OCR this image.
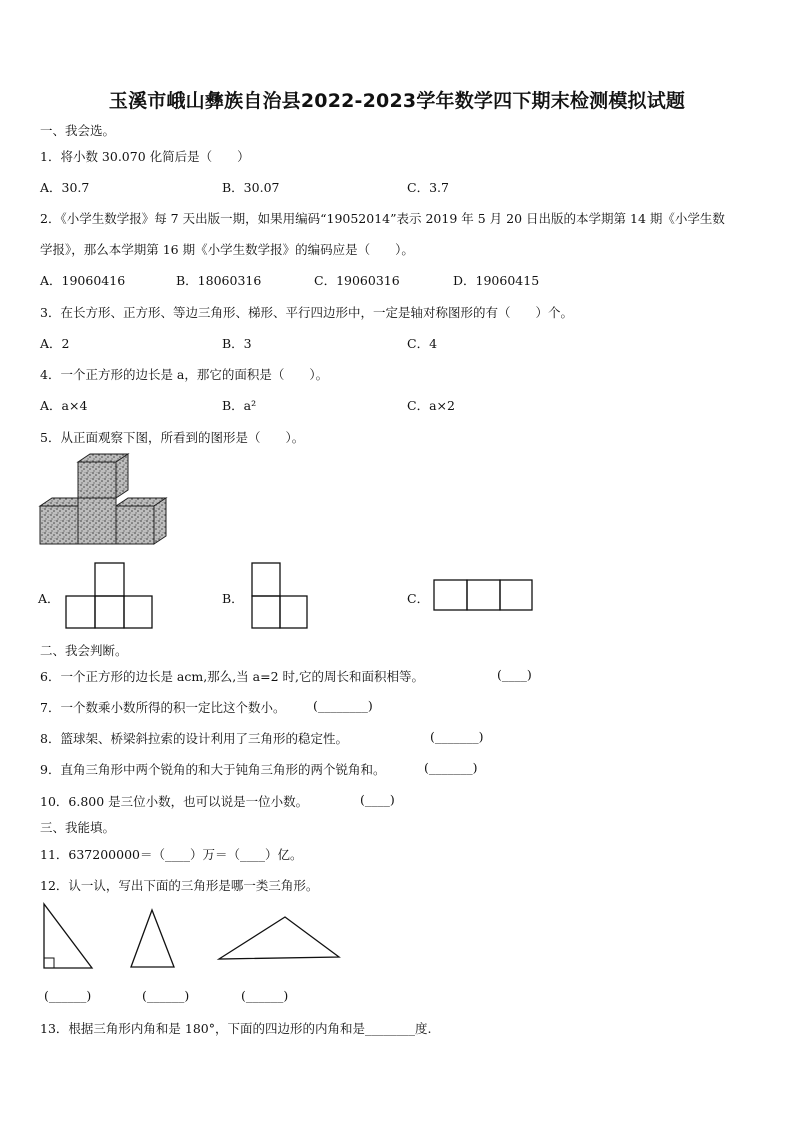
玉溪市峨山彝族自治县2022-2023学年数学四下期末检测模拟试题
一、我会选。
1．将小数 30.070 化简后是（　　）
A．30.7	B．30.07	C．3.7
2．《小学生数学报》每 7 天出版一期，如果用编码“19052014”表示 2019 年 5 月 20 日出版的本学期第 14 期《小学生数
学报》，那么本学期第 16 期《小学生数学报》的编码应是（　　）。
A．19060416	B．18060316	C．19060316	D．19060415
3．在长方形、正方形、等边三角形、梯形、平行四边形中，一定是轴对称图形的有（　　）个。
A．2	B．3	C．4
4．一个正方形的边长是 a，那它的面积是（　　）。
A．a×4	B．a²	C．a×2
5．从正面观察下图，所看到的图形是（　　）。
A．	B．	C．
二、我会判断。
6．一个正方形的边长是 acm,那么,当 a=2 时,它的周长和面积相等。	(____)
7．一个数乘小数所得的积一定比这个数小。 (________)
8．篮球架、桥梁斜拉索的设计利用了三角形的稳定性。	(_______)
9．直角三角形中两个锐角的和大于钝角三角形的两个锐角和。	(_______)
10．6.800 是三位小数，也可以说是一位小数。	(____)
三、我能填。
11．637200000＝（____）万＝（____）亿。
12．认一认，写出下面的三角形是哪一类三角形。
(______)	(______)	(______)
13．根据三角形内角和是 180°，下面的四边形的内角和是________度.
